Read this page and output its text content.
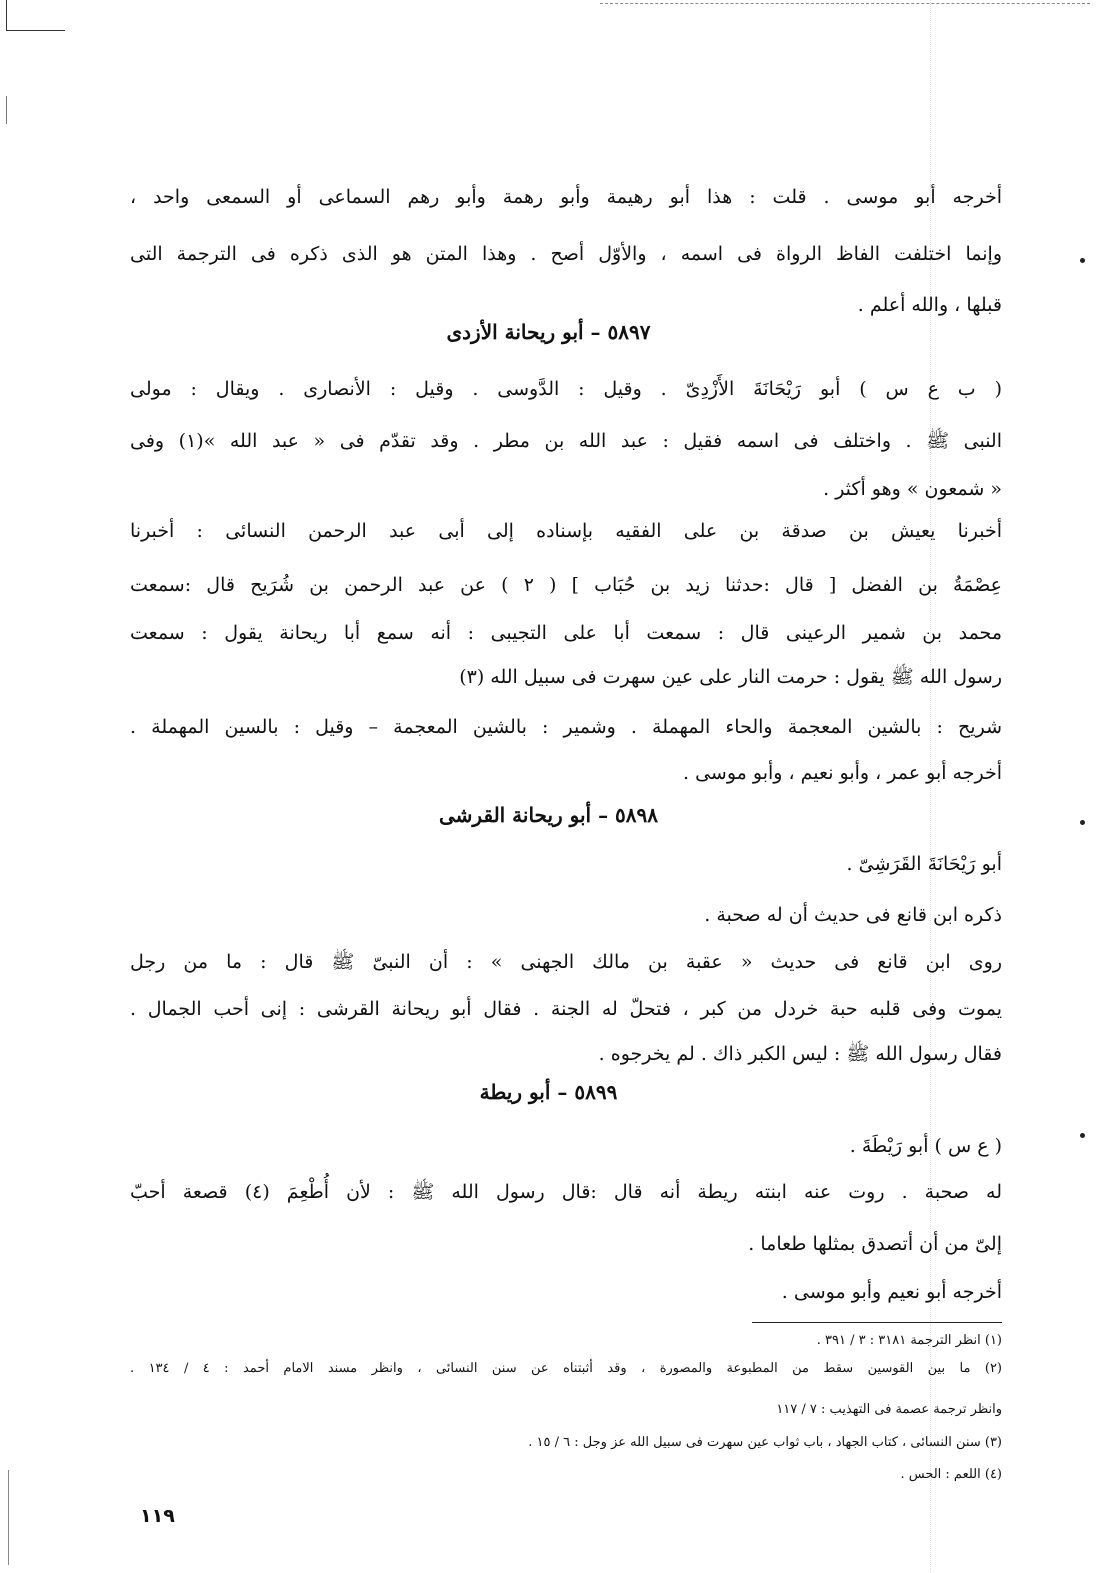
أخرجه أبو موسى . قلت : هذا أبو رهيمة وأبو رهمة وأبو رهم السماعى أو السمعى واحد ،
وإنما اختلفت الفاظ الرواة فى اسمه ، والأوّل أصح . وهذا المتن هو الذى ذكره فى الترجمة التى
قبلها ، والله أعلم .
٥٨٩٧ – أبو ريحانة الأزدى
( ب ع س ) أبو رَيْحَانَةَ الأَزْدِىّ . وقيل : الدَّوسى . وقيل : الأنصارى . ويقال : مولى
النبى ﷺ . واختلف فى اسمه فقيل : عبد الله بن مطر . وقد تقدّم فى « عبد الله »(١) وفى
« شمعون » وهو أكثر .
أخبرنا يعيش بن صدقة بن على الفقيه بإسناده إلى أبى عبد الرحمن النسائى : أخبرنا
عِصْمَةُ بن الفضل [ قال :حدثنا زيد بن حُبَاب ] ( ٢ ) عن عبد الرحمن بن شُرَيح قال :سمعت
محمد بن شمير الرعينى قال : سمعت أبا على التجيبى : أنه سمع أبا ريحانة يقول : سمعت
رسول الله ﷺ يقول : حرمت النار على عين سهرت فى سبيل الله (٣)
شريح : بالشين المعجمة والحاء المهملة . وشمير : بالشين المعجمة – وقيل : بالسين المهملة .
أخرجه أبو عمر ، وأبو نعيم ، وأبو موسى .
٥٨٩٨ – أبو ريحانة القرشى
أبو رَيْحَانَةَ القَرَشِىّ .
ذكره ابن قانع فى حديث أن له صحبة .
روى ابن قانع فى حديث « عقبة بن مالك الجهنى » : أن النبىّ ﷺ قال : ما من رجل
يموت وفى قلبه حبة خردل من كبر ، فتحلّ له الجنة . فقال أبو ريحانة القرشى : إنى أحب الجمال .
فقال رسول الله ﷺ : ليس الكبر ذاك . لم يخرجوه .
٥٨٩٩ – أبو ريطة
( ع س ) أبو رَيْطَةَ .
له صحبة . روت عنه ابنته ريطة أنه قال :قال رسول الله ﷺ : لأن أُطْعِمَ (٤) قصعة أحبّ
إلىّ من أن أتصدق بمثلها طعاما .
أخرجه أبو نعيم وأبو موسى .
(١) انظر الترجمة ٣١٨١ : ٣ / ٣٩١ .
(٢) ما بين القوسين سقط من المطبوعة والمصورة ، وقد أثبتناه عن سنن النسائى ، وانظر مسند الامام أحمد : ٤ / ١٣٤ .
وانظر ترجمة عصمة فى التهذيب : ٧ / ١١٧
(٣) سنن النسائى ، كتاب الجهاد ، باب ثواب عين سهرت فى سبيل الله عز وجل : ٦ / ١٥ .
(٤) اللعم : الحس .
١١٩
